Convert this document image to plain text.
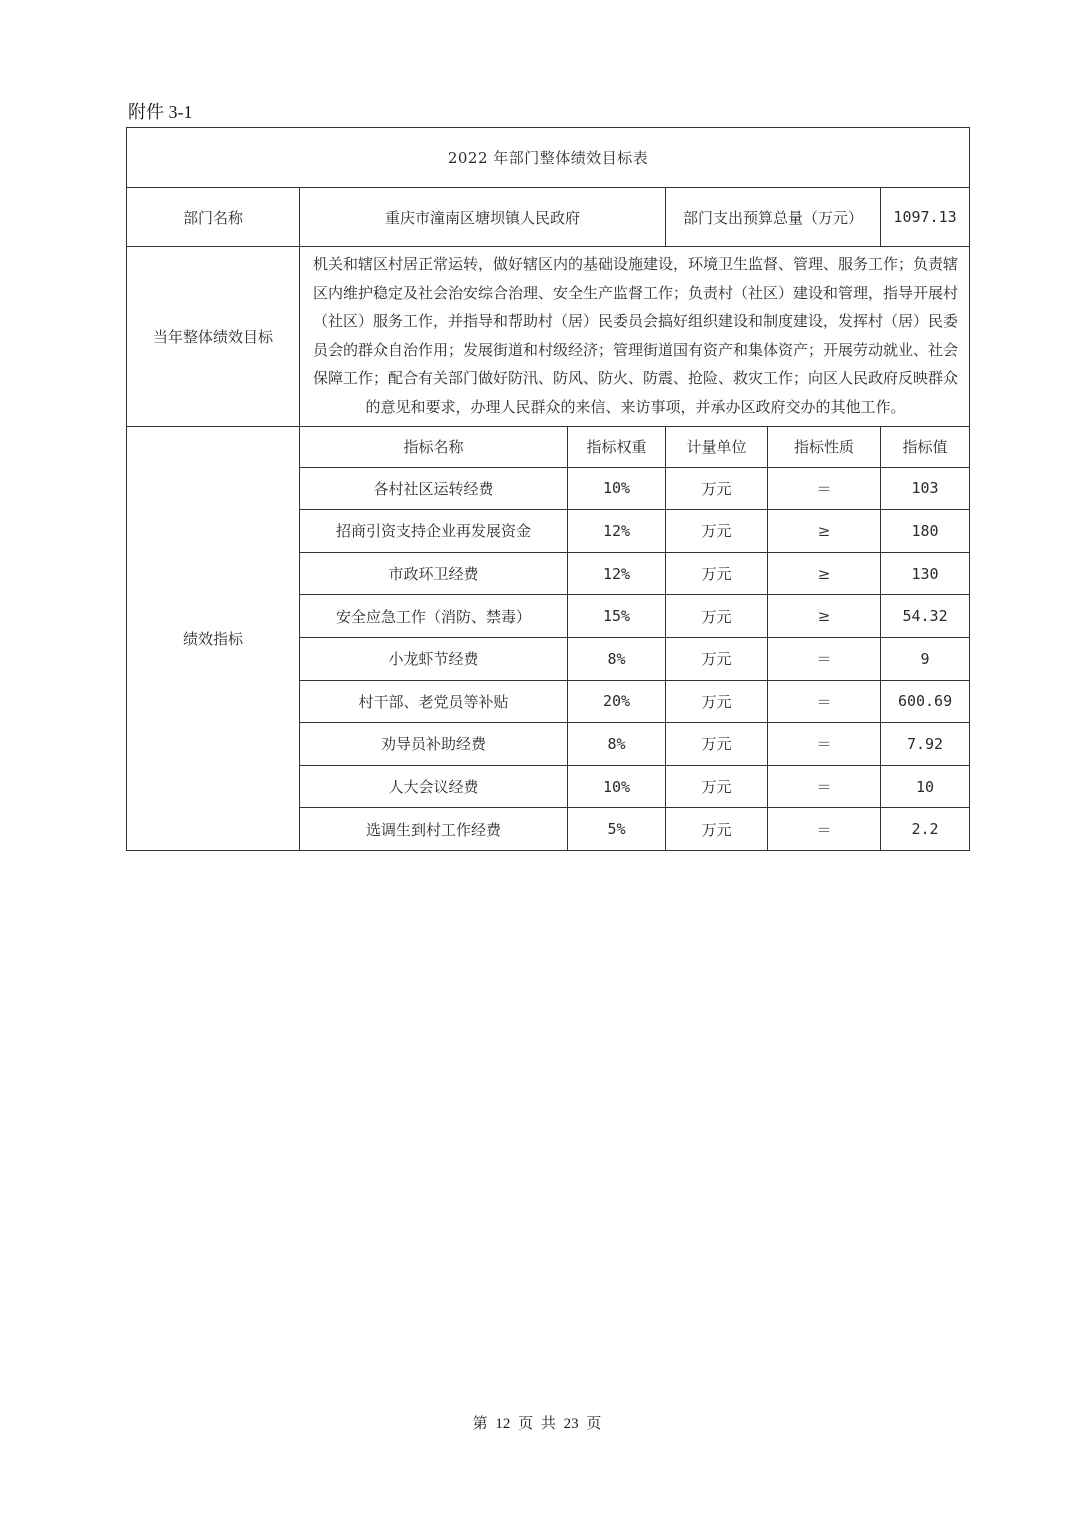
附件 3-1
2022 年部门整体绩效目标表					
部门名称	重庆市潼南区塘坝镇人民政府		部门支出预算总量（万元）		1097.13
当年整体绩效目标	机关和辖区村居正常运转，做好辖区内的基础设施建设，环境卫生监督、管理、服务工作；负责辖区内维护稳定及社会治安综合治理、安全生产监督工作；负责村（社区）建设和管理，指导开展村（社区）服务工作，并指导和帮助村（居）民委员会搞好组织建设和制度建设，发挥村（居）民委员会的群众自治作用；发展街道和村级经济；管理街道国有资产和集体资产；开展劳动就业、社会保障工作；配合有关部门做好防汛、防风、防火、防震、抢险、救灾工作；向区人民政府反映群众的意见和要求，办理人民群众的来信、来访事项，并承办区政府交办的其他工作。				
绩效指标	指标名称	指标权重	计量单位	指标性质	指标值
	各村社区运转经费	10%	万元	＝	103
	招商引资支持企业再发展资金	12%	万元	≥	180
	市政环卫经费	12%	万元	≥	130
	安全应急工作（消防、禁毒）	15%	万元	≥	54.32
	小龙虾节经费	8%	万元	＝	9
	村干部、老党员等补贴	20%	万元	＝	600.69
	劝导员补助经费	8%	万元	＝	7.92
	人大会议经费	10%	万元	＝	10
	选调生到村工作经费	5%	万元	＝	2.2
第 12 页 共 23 页
